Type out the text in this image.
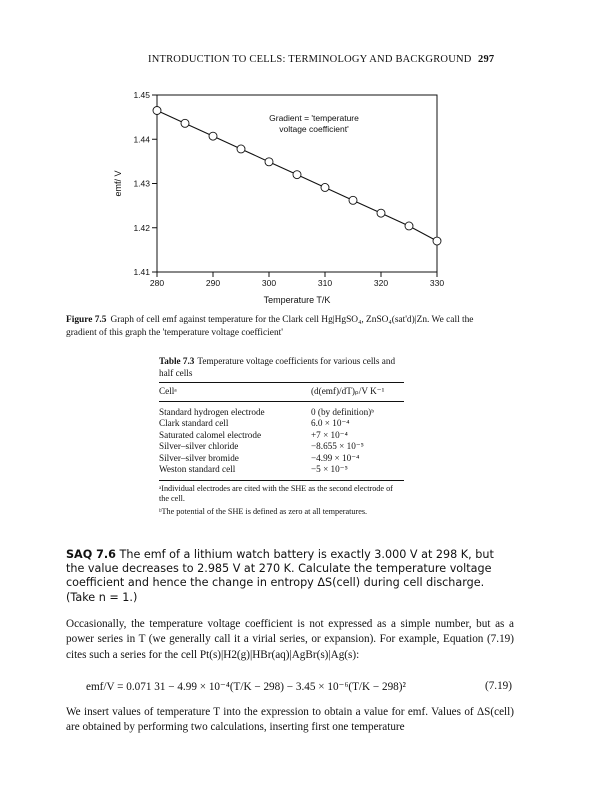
INTRODUCTION TO CELLS: TERMINOLOGY AND BACKGROUND 297
1.41
1.42
1.43
1.44
1.45
280	290	300	310	320	330
Temperature T/K
emf/ V
Gradient = 'temperature
voltage coefficient'
Figure 7.5 Graph of cell emf against temperature for the Clark cell Hg|HgSO₄, ZnSO₄(sat'd)|Zn. We call the gradient of this graph the 'temperature voltage coefficient'
Table 7.3 Temperature voltage coefficients for various cells and half cells
Cellᵃ	(d(emf)/dT)ₚ/V K⁻¹
Standard hydrogen electrode	0 (by definition)ᵇ
Clark standard cell	6.0 × 10⁻⁴
Saturated calomel electrode	+7 × 10⁻⁴
Silver–silver chloride	−8.655 × 10⁻⁵
Silver–silver bromide	−4.99 × 10⁻⁴
Weston standard cell	−5 × 10⁻⁵

ᵃIndividual electrodes are cited with the SHE as the second electrode of the cell.

ᵇThe potential of the SHE is defined as zero at all temperatures.

SAQ 7.6 The emf of a lithium watch battery is exactly 3.000 V at 298 K, but the value decreases to 2.985 V at 270 K. Calculate the temperature voltage coefficient and hence the change in entropy ΔS(cell) during cell discharge. (Take n = 1.)
Occasionally, the temperature voltage coefficient is not expressed as a simple number, but as a power series in T (we generally call it a virial series, or expansion). For example, Equation (7.19) cites such a series for the cell Pt(s)|H2(g)|HBr(aq)|AgBr(s)|Ag(s):
emf/V = 0.071 31 − 4.99 × 10⁻⁴(T/K − 298) − 3.45 × 10⁻⁶(T/K − 298)²	(7.19)
We insert values of temperature T into the expression to obtain a value for emf. Values of ΔS(cell) are obtained by performing two calculations, inserting first one temperature
